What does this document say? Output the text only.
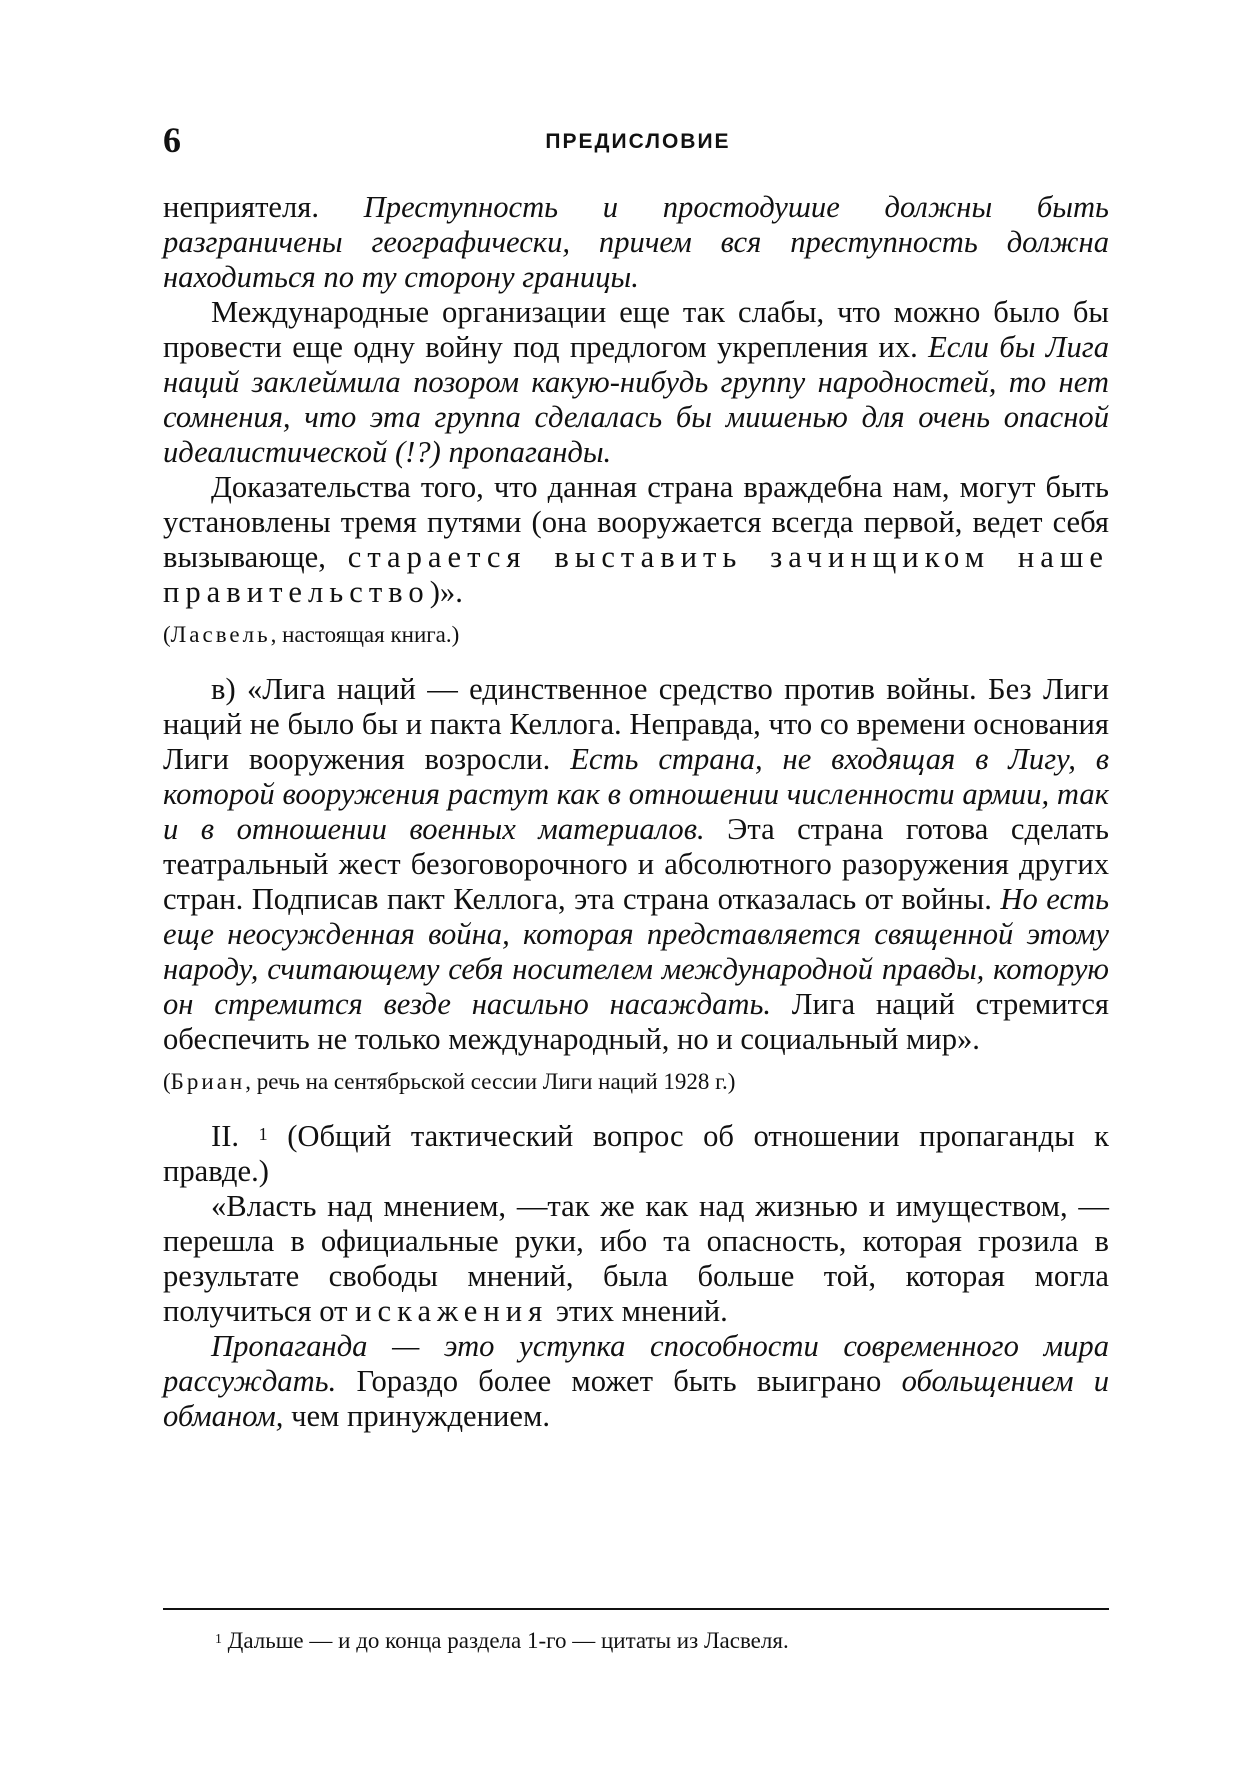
6	ПРЕДИСЛОВИЕ

неприятеля. Преступность и простодушие должны быть разграничены географически, причем вся преступность должна находиться по ту сторону границы.

Международные организации еще так слабы, что можно было бы провести еще одну войну под предлогом укрепления их. Если бы Лига наций заклеймила позором какую-нибудь группу народностей, то нет сомнения, что эта группа сделалась бы мишенью для очень опасной идеалистической (!?) пропаганды.

Доказательства того, что данная страна враждебна нам, могут быть установлены тремя путями (она вооружается всегда первой, ведет себя вызывающе, старается выставить зачинщиком наше правительство)».

(Ласвель, настоящая книга.)

в) «Лига наций — единственное средство против войны. Без Лиги наций не было бы и пакта Келлога. Неправда, что со времени основания Лиги вооружения возросли. Есть страна, не входящая в Лигу, в которой вооружения растут как в отношении численности армии, так и в отношении военных материалов. Эта страна готова сделать театральный жест безоговорочного и абсолютного разоружения других стран. Подписав пакт Келлога, эта страна отказалась от войны. Но есть еще неосужденная война, которая представляется священной этому народу, считающему себя носителем международной правды, которую он стремится везде насильно насаждать. Лига наций стремится обеспечить не только международный, но и социальный мир».

(Бриан, речь на сентябрьской сессии Лиги наций 1928 г.)

II. $^1$ (Общий тактический вопрос об отношении пропаганды к правде.)

«Власть над мнением, —так же как над жизнью и имуществом, —перешла в официальные руки, ибо та опасность, которая грозила в результате свободы мнений, была больше той, которая могла получиться от искажения этих мнений.

Пропаганда — это уступка способности современного мира рассуждать. Гораздо более может быть выиграно обольщением и обманом, чем принуждением.

$^1$ Дальше — и до конца раздела 1-го — цитаты из Ласвеля.
